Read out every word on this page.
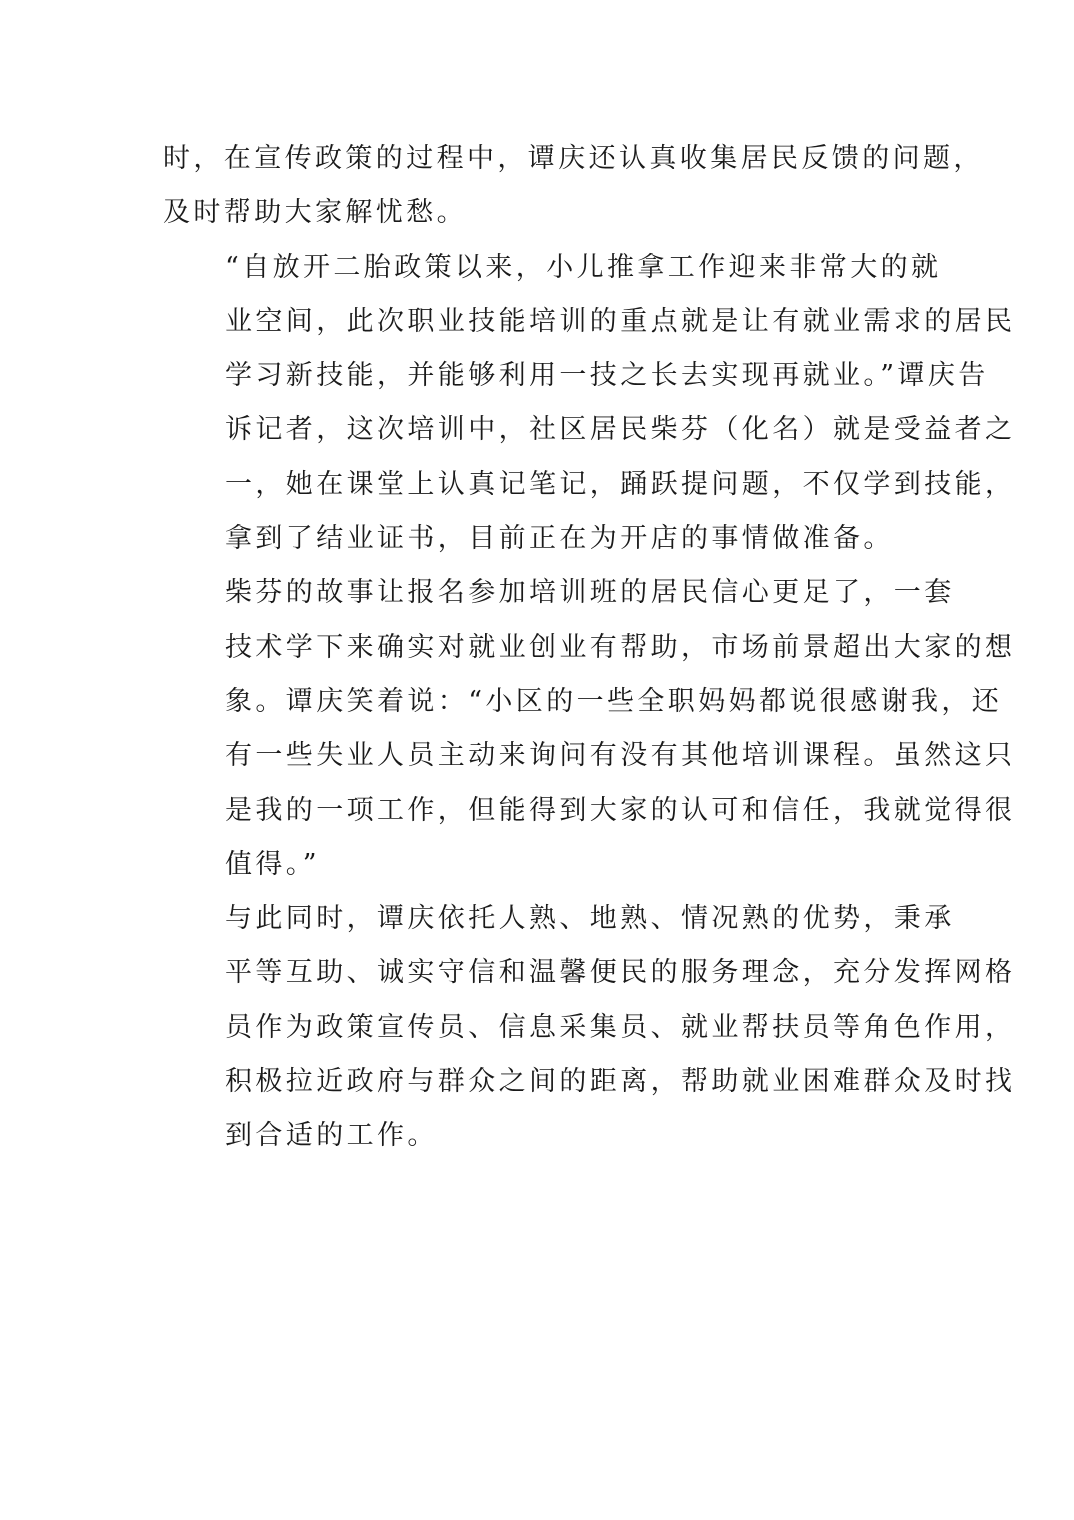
时，在宣传政策的过程中，谭庆还认真收集居民反馈的问题，
及时帮助大家解忧愁。

“自放开二胎政策以来，小儿推拿工作迎来非常大的就
业空间，此次职业技能培训的重点就是让有就业需求的居民
学习新技能，并能够利用一技之长去实现再就业。”谭庆告
诉记者，这次培训中，社区居民柴芬（化名）就是受益者之
一，她在课堂上认真记笔记，踊跃提问题，不仅学到技能，
拿到了结业证书，目前正在为开店的事情做准备。

柴芬的故事让报名参加培训班的居民信心更足了，一套
技术学下来确实对就业创业有帮助，市场前景超出大家的想
象。谭庆笑着说：“小区的一些全职妈妈都说很感谢我，还
有一些失业人员主动来询问有没有其他培训课程。虽然这只
是我的一项工作，但能得到大家的认可和信任，我就觉得很
值得。”

与此同时，谭庆依托人熟、地熟、情况熟的优势，秉承
平等互助、诚实守信和温馨便民的服务理念，充分发挥网格
员作为政策宣传员、信息采集员、就业帮扶员等角色作用，
积极拉近政府与群众之间的距离，帮助就业困难群众及时找
到合适的工作。
